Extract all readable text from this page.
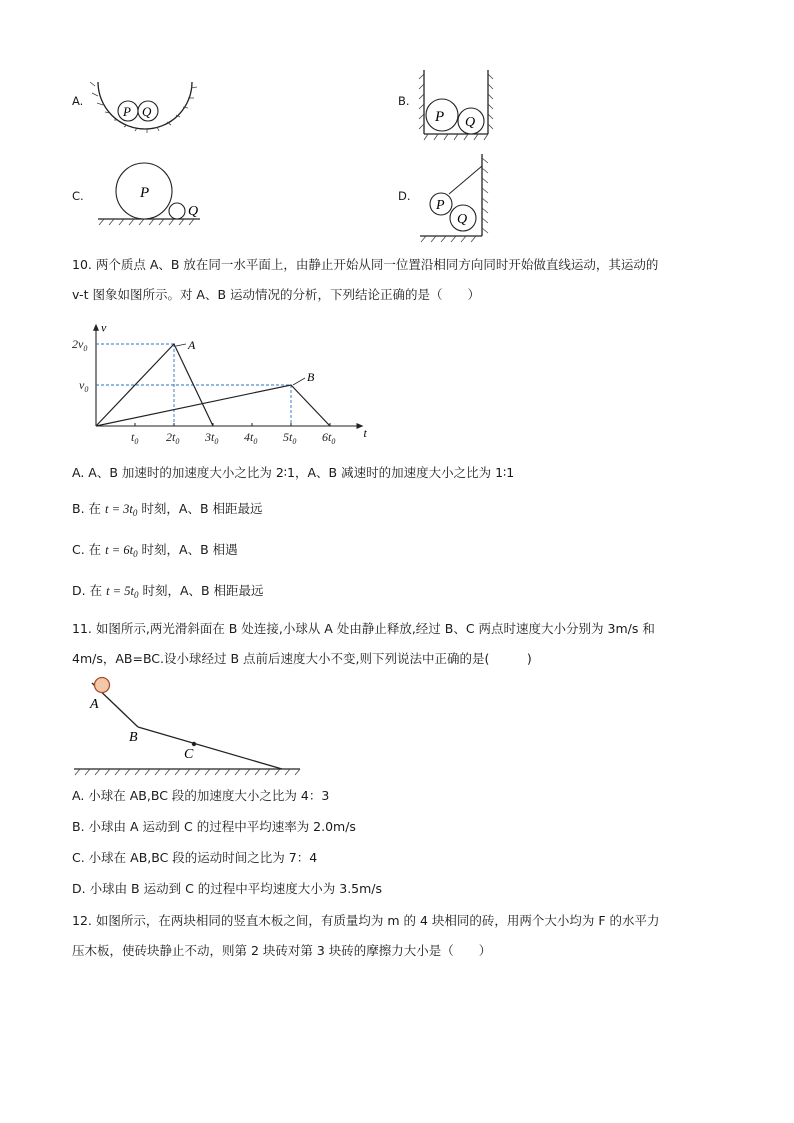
A.
P Q
B.
P Q
C.	P
Q
D.
P
Q
10. 两个质点 A、B 放在同一水平面上，由静止开始从同一位置沿相同方向同时开始做直线运动，其运动的
v-t 图象如图所示。对 A、B 运动情况的分析，下列结论正确的是（　　）
v
t
$2v_0$
$v_0$
$t_0$ $2t_0$ $3t_0$ $4t_0$ $5t_0$ $6t_0$
A
B
A. A、B 加速时的加速度大小之比为 2∶1，A、B 减速时的加速度大小之比为 1∶1
B. 在 $t = 3t_0$ 时刻，A、B 相距最远
C. 在 $t = 6t_0$ 时刻，A、B 相遇
D. 在 $t = 5t_0$ 时刻，A、B 相距最远
11. 如图所示,两光滑斜面在 B 处连接,小球从 A 处由静止释放,经过 B、C 两点时速度大小分别为 3m/s 和
4m/s，AB=BC.设小球经过 B 点前后速度大小不变,则下列说法中正确的是(　　　)
A
B
C
A. 小球在 AB,BC 段的加速度大小之比为 4：3
B. 小球由 A 运动到 C 的过程中平均速率为 2.0m/s
C. 小球在 AB,BC 段的运动时间之比为 7：4
D. 小球由 B 运动到 C 的过程中平均速度大小为 3.5m/s
12. 如图所示，在两块相同的竖直木板之间，有质量均为 m 的 4 块相同的砖，用两个大小均为 F 的水平力
压木板，使砖块静止不动，则第 2 块砖对第 3 块砖的摩擦力大小是（　　）
